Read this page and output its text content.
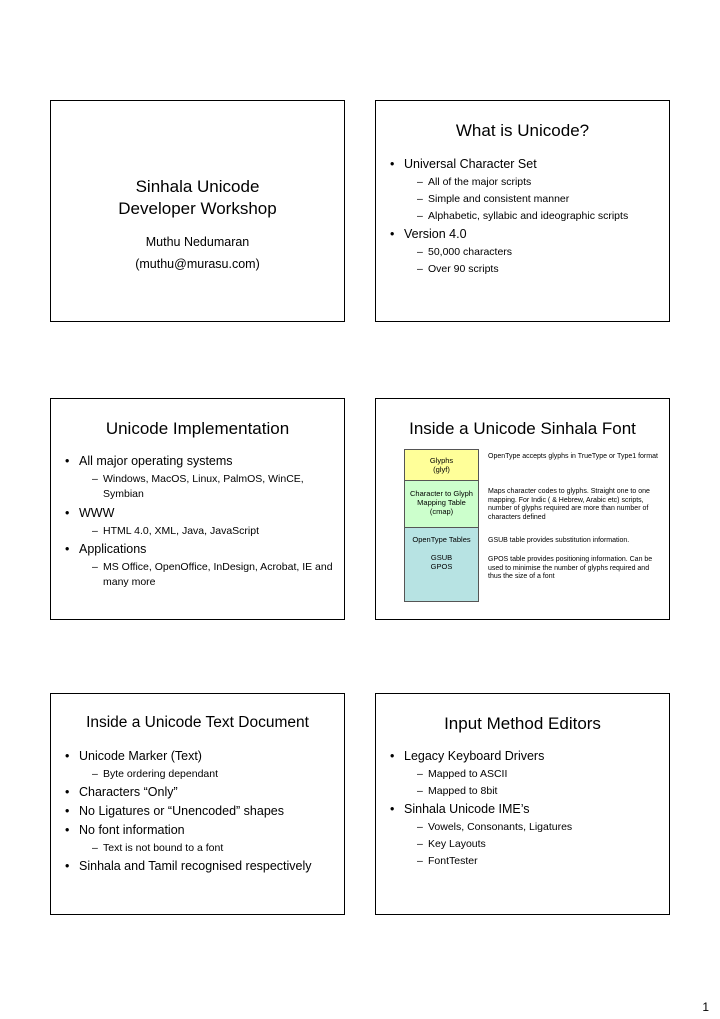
Sinhala Unicode
Developer Workshop
Muthu Nedumaran
(muthu@murasu.com)
What is Unicode?
• Universal Character Set
– All of the major scripts
– Simple and consistent manner
– Alphabetic, syllabic and ideographic scripts
• Version 4.0
– 50,000 characters
– Over 90 scripts
Unicode Implementation
• All major operating systems
– Windows, MacOS, Linux, PalmOS, WinCE, Symbian
• WWW
– HTML 4.0, XML, Java, JavaScript
• Applications
– MS Office, OpenOffice, InDesign, Acrobat, IE and many more
Inside a Unicode Sinhala Font
Glyphs
(glyf)
Character to Glyph
Mapping Table
(cmap)
OpenType Tables
GSUB
GPOS
OpenType accepts glyphs in TrueType or Type1 format
Maps character codes to glyphs. Straight one to one mapping. For Indic ( & Hebrew, Arabic etc) scripts, number of glyphs required are more than number of characters defined
GSUB table provides substitution information.
GPOS table provides positioning information. Can be used to minimise the number of glyphs required and thus the size of a font
Inside a Unicode Text Document
• Unicode Marker (Text)
– Byte ordering dependant
• Characters “Only”
• No Ligatures or “Unencoded” shapes
• No font information
– Text is not bound to a font
• Sinhala and Tamil recognised respectively
Input Method Editors
• Legacy Keyboard Drivers
– Mapped to ASCII
– Mapped to 8bit
• Sinhala Unicode IME’s
– Vowels, Consonants, Ligatures
– Key Layouts
– FontTester
1
